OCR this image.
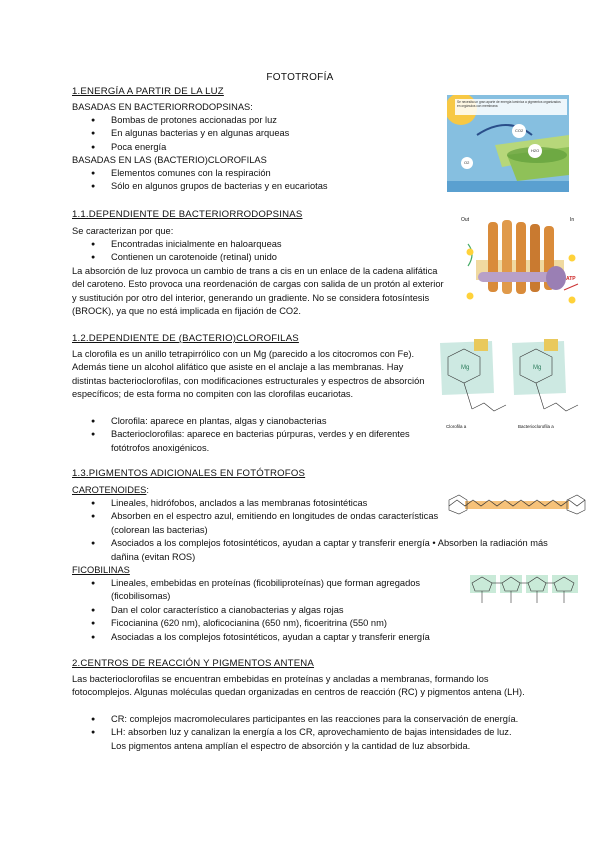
FOTOTROFÍA
1.ENERGÍA A PARTIR DE LA LUZ
BASADAS EN BACTERIORRODOPSINAS:
● Bombas de protones accionadas por luz
● En algunas bacterias y en algunas arqueas
● Poca energía
BASADAS EN LAS (BACTERIO)CLOROFILAS
● Elementos comunes con la respiración
● Sólo en algunos grupos de bacterias y en eucariotas
Se necesita un gran aporte de energía lumínica a pigmentos organizados en orgánulos con membrana
CO2
H2O
O2
1.1.DEPENDIENTE DE BACTERIORRODOPSINAS
Se caracterizan por que:
● Encontradas inicialmente en haloarqueas
● Contienen un carotenoide (retinal) unido
La absorción de luz provoca un cambio de trans a cis en un enlace de la cadena alifática del caroteno. Esto provoca una reordenación de cargas con salida de un protón al exterior y sustitución por otro del interior, generando un gradiente. No se considera fotosíntesis (BROCK), ya que no está implicada en fijación de CO2.
Out	In
ATP
1.2.DEPENDIENTE DE (BACTERIO)CLOROFILAS
La clorofila es un anillo tetrapirrólico con un Mg (parecido a los citocromos con Fe). Además tiene un alcohol alifático que asiste en el anclaje a las membranas. Hay distintas bacterioclorofilas, con modificaciones estructurales y espectros de absorción específicos; de esta forma no compiten con las clorofilas eucariotas.
● Clorofila: aparece en plantas, algas y cianobacterias
● Bacterioclorofilas: aparece en bacterias púrpuras, verdes y en diferentes fotótrofos anoxigénicos.
Mg	Mg
Clorofila a	Bacterioclorofila a
1.3.PIGMENTOS ADICIONALES EN FOTÓTROFOS
CAROTENOIDES:
● Lineales, hidrófobos, anclados a las membranas fotosintéticas
● Absorben en el espectro azul, emitiendo en longitudes de ondas características (colorean las bacterias)
● Asociados a los complejos fotosintéticos, ayudan a captar y transferir energía • Absorben la radiación más dañina (evitan ROS)
FICOBILINAS
● Lineales, embebidas en proteínas (ficobiliproteínas) que forman agregados (ficobilisomas)
● Dan el color característico a cianobacterias y algas rojas
● Ficocianina (620 nm), aloficocianina (650 nm), ficoeritrina (550 nm)
● Asociadas a los complejos fotosintéticos, ayudan a captar y transferir energía
2.CENTROS DE REACCIÓN Y PIGMENTOS ANTENA
Las bacterioclorofilas se encuentran embebidas en proteínas y ancladas a membranas, formando los fotocomplejos. Algunas moléculas quedan organizadas en centros de reacción (RC) y pigmentos antena (LH).
● CR: complejos macromoleculares participantes en las reacciones para la conservación de energía.
● LH: absorben luz y canalizan la energía a los CR, aprovechamiento de bajas intensidades de luz. Los pigmentos antena amplían el espectro de absorción y la cantidad de luz absorbida.
